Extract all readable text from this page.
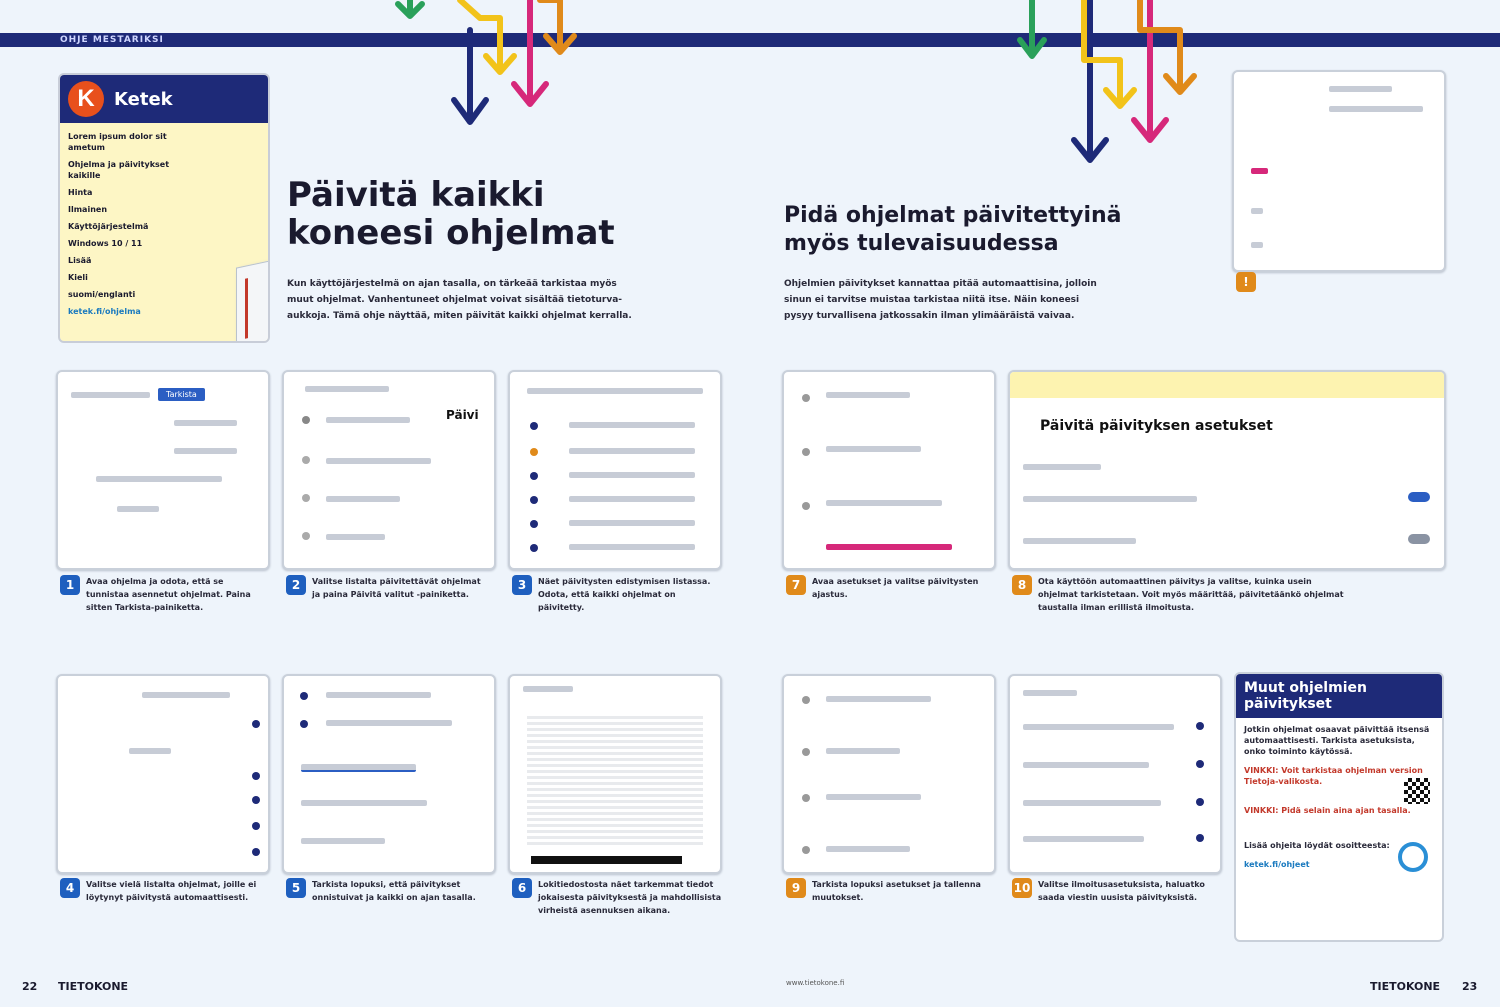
OHJE MESTARIKSI
K	Ketek

Lorem ipsum dolor sit ametum

Ohjelma ja päivitykset kaikille

Hinta

Ilmainen

Käyttöjärjestelmä

Windows 10 / 11

Lisää

Kieli

suomi/englanti

ketek.fi/ohjelma

Päivitä kaikki koneesi ohjelmat
Kun käyttöjärjestelmä on ajan tasalla, on tärkeää tarkistaa myös muut ohjelmat. Vanhentuneet ohjelmat voivat sisältää tietoturva-aukkoja. Tämä ohje näyttää, miten päivität kaikki ohjelmat kerralla.
Pidä ohjelmat päivitettyinä myös tulevaisuudessa
Ohjelmien päivitykset kannattaa pitää automaattisina, jolloin sinun ei tarvitse muistaa tarkistaa niitä itse. Näin koneesi pysyy turvallisena jatkossakin ilman ylimääräistä vaivaa.
!
Tarkista
Päivi
1	Avaa ohjelma ja odota, että se tunnistaa asennetut ohjelmat. Paina sitten Tarkista-painiketta.
2	Valitse listalta päivitettävät ohjelmat ja paina Päivitä valitut -painiketta.
3	Näet päivitysten edistymisen listassa. Odota, että kaikki ohjelmat on päivitetty.
Päivitä päivityksen asetukset
7	Avaa asetukset ja valitse päivitysten ajastus.
8	Ota käyttöön automaattinen päivitys ja valitse, kuinka usein ohjelmat tarkistetaan. Voit myös määrittää, päivitetäänkö ohjelmat taustalla ilman erillistä ilmoitusta.
4	Valitse vielä listalta ohjelmat, joille ei löytynyt päivitystä automaattisesti.
5	Tarkista lopuksi, että päivitykset onnistuivat ja kaikki on ajan tasalla.
6	Lokitiedostosta näet tarkemmat tiedot jokaisesta päivityksestä ja mahdollisista virheistä asennuksen aikana.
9	Tarkista lopuksi asetukset ja tallenna muutokset.
10 Valitse ilmoitusasetuksista, haluatko saada viestin uusista päivityksistä.
Muut ohjelmien päivitykset

Jotkin ohjelmat osaavat päivittää itsensä automaattisesti. Tarkista asetuksista, onko toiminto käytössä.

VINKKI: Voit tarkistaa ohjelman version Tietoja-valikosta.

VINKKI: Pidä selain aina ajan tasalla.

Lisää ohjeita löydät osoitteesta:

ketek.fi/ohjeet

22 TIETOKONE	www.tietokone.fi	TIETOKONE 23
